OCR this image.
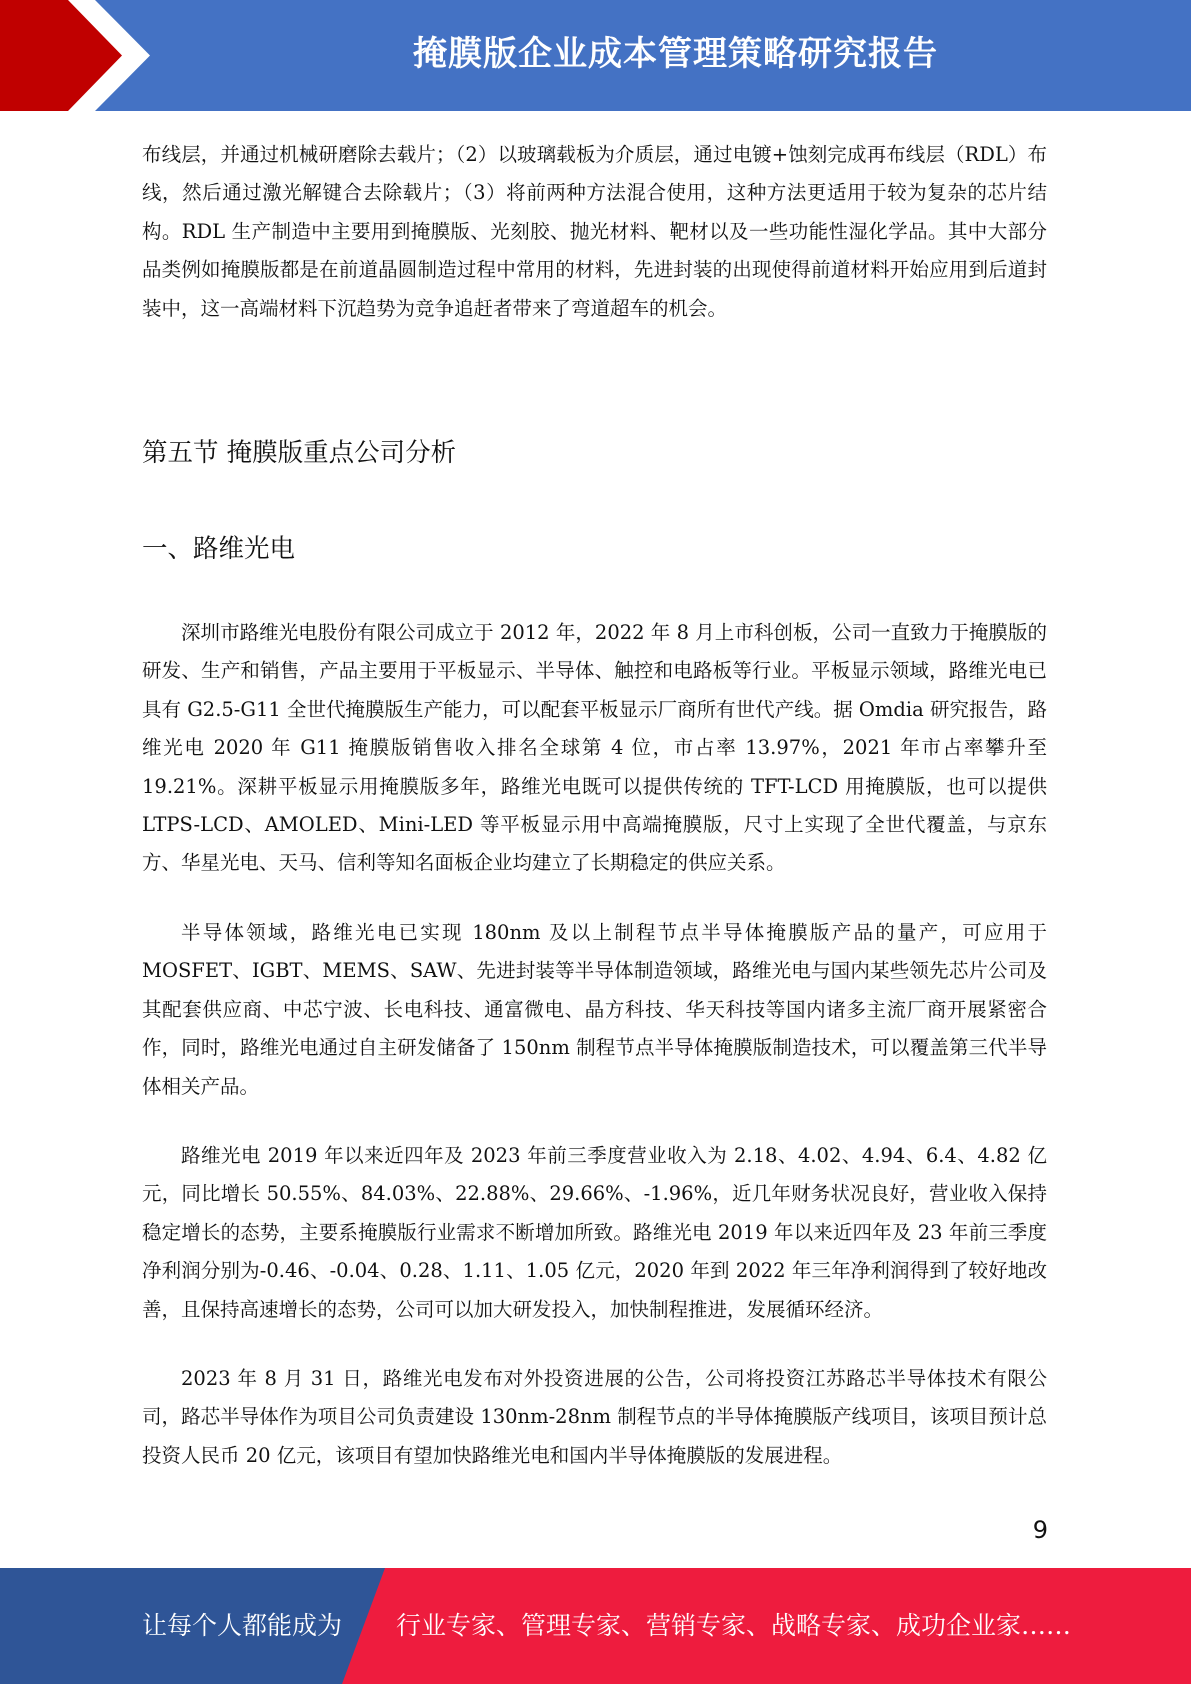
掩膜版企业成本管理策略研究报告

布线层，并通过机械研磨除去载片；（2）以玻璃载板为介质层，通过电镀+蚀刻完成再布线层（RDL）布线，然后通过激光解键合去除载片；（3）将前两种方法混合使用，这种方法更适用于较为复杂的芯片结构。RDL 生产制造中主要用到掩膜版、光刻胶、抛光材料、靶材以及一些功能性湿化学品。其中大部分品类例如掩膜版都是在前道晶圆制造过程中常用的材料，先进封装的出现使得前道材料开始应用到后道封装中，这一高端材料下沉趋势为竞争追赶者带来了弯道超车的机会。

第五节 掩膜版重点公司分析
一、路维光电

深圳市路维光电股份有限公司成立于 2012 年，2022 年 8 月上市科创板，公司一直致力于掩膜版的研发、生产和销售，产品主要用于平板显示、半导体、触控和电路板等行业。平板显示领域，路维光电已具有 G2.5-G11 全世代掩膜版生产能力，可以配套平板显示厂商所有世代产线。据 Omdia 研究报告，路维光电 2020 年 G11 掩膜版销售收入排名全球第 4 位，市占率 13.97%，2021 年市占率攀升至 19.21%。深耕平板显示用掩膜版多年，路维光电既可以提供传统的 TFT-LCD 用掩膜版，也可以提供 LTPS-LCD、AMOLED、Mini-LED 等平板显示用中高端掩膜版，尺寸上实现了全世代覆盖，与京东方、华星光电、天马、信利等知名面板企业均建立了长期稳定的供应关系。

半导体领域，路维光电已实现 180nm 及以上制程节点半导体掩膜版产品的量产，可应用于 MOSFET、IGBT、MEMS、SAW、先进封装等半导体制造领域，路维光电与国内某些领先芯片公司及其配套供应商、中芯宁波、长电科技、通富微电、晶方科技、华天科技等国内诸多主流厂商开展紧密合作，同时，路维光电通过自主研发储备了 150nm 制程节点半导体掩膜版制造技术，可以覆盖第三代半导体相关产品。

路维光电 2019 年以来近四年及 2023 年前三季度营业收入为 2.18、4.02、4.94、6.4、4.82 亿元，同比增长 50.55%、84.03%、22.88%、29.66%、-1.96%，近几年财务状况良好，营业收入保持稳定增长的态势，主要系掩膜版行业需求不断增加所致。路维光电 2019 年以来近四年及 23 年前三季度净利润分别为-0.46、-0.04、0.28、1.11、1.05 亿元，2020 年到 2022 年三年净利润得到了较好地改善，且保持高速增长的态势，公司可以加大研发投入，加快制程推进，发展循环经济。

2023 年 8 月 31 日，路维光电发布对外投资进展的公告，公司将投资江苏路芯半导体技术有限公司，路芯半导体作为项目公司负责建设 130nm-28nm 制程节点的半导体掩膜版产线项目，该项目预计总投资人民币 20 亿元，该项目有望加快路维光电和国内半导体掩膜版的发展进程。

9
让每个人都能成为 行业专家、管理专家、营销专家、战略专家、成功企业家……
